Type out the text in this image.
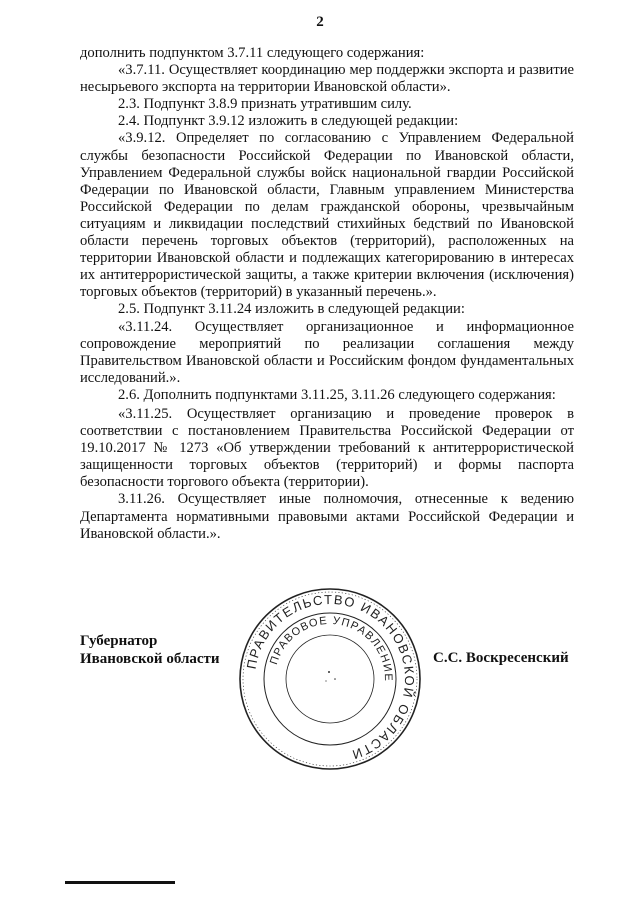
2

дополнить подпунктом 3.7.11 следующего содержания:

«3.7.11. Осуществляет координацию мер поддержки экспорта и развитие несырьевого экспорта на территории Ивановской области».

2.3. Подпункт 3.8.9 признать утратившим силу.

2.4. Подпункт 3.9.12 изложить в следующей редакции:

«3.9.12. Определяет по согласованию с Управлением Федеральной службы безопасности Российской Федерации по Ивановской области, Управлением Федеральной службы войск национальной гвардии Российской Федерации по Ивановской области, Главным управлением Министерства Российской Федерации по делам гражданской обороны, чрезвычайным ситуациям и ликвидации последствий стихийных бедствий по Ивановской области перечень торговых объектов (территорий), расположенных на территории Ивановской области и подлежащих категорированию в интересах их антитеррористической защиты, а также критерии включения (исключения) торговых объектов (территорий) в указанный перечень.».

2.5. Подпункт 3.11.24 изложить в следующей редакции:

«3.11.24. Осуществляет организационное и информационное сопровождение мероприятий по реализации соглашения между Правительством Ивановской области и Российским фондом фундаментальных исследований.».

2.6. Дополнить подпунктами 3.11.25, 3.11.26 следующего содержания:

«3.11.25. Осуществляет организацию и проведение проверок в соответствии с постановлением Правительства Российской Федерации от 19.10.2017 № 1273 «Об утверждении требований к антитеррористической защищенности торговых объектов (территорий) и формы паспорта безопасности торгового объекта (территории).

3.11.26. Осуществляет иные полномочия, отнесенные к ведению Департамента нормативными правовыми актами Российской Федерации и Ивановской области.».

Губернатор
Ивановской области ПРАВИТЕЛЬСТВО ИВАНОВСКОЙ ОБЛАСТИ
ПРАВОВОЕ УПРАВЛЕНИЕ
С.С. Воскресенский
